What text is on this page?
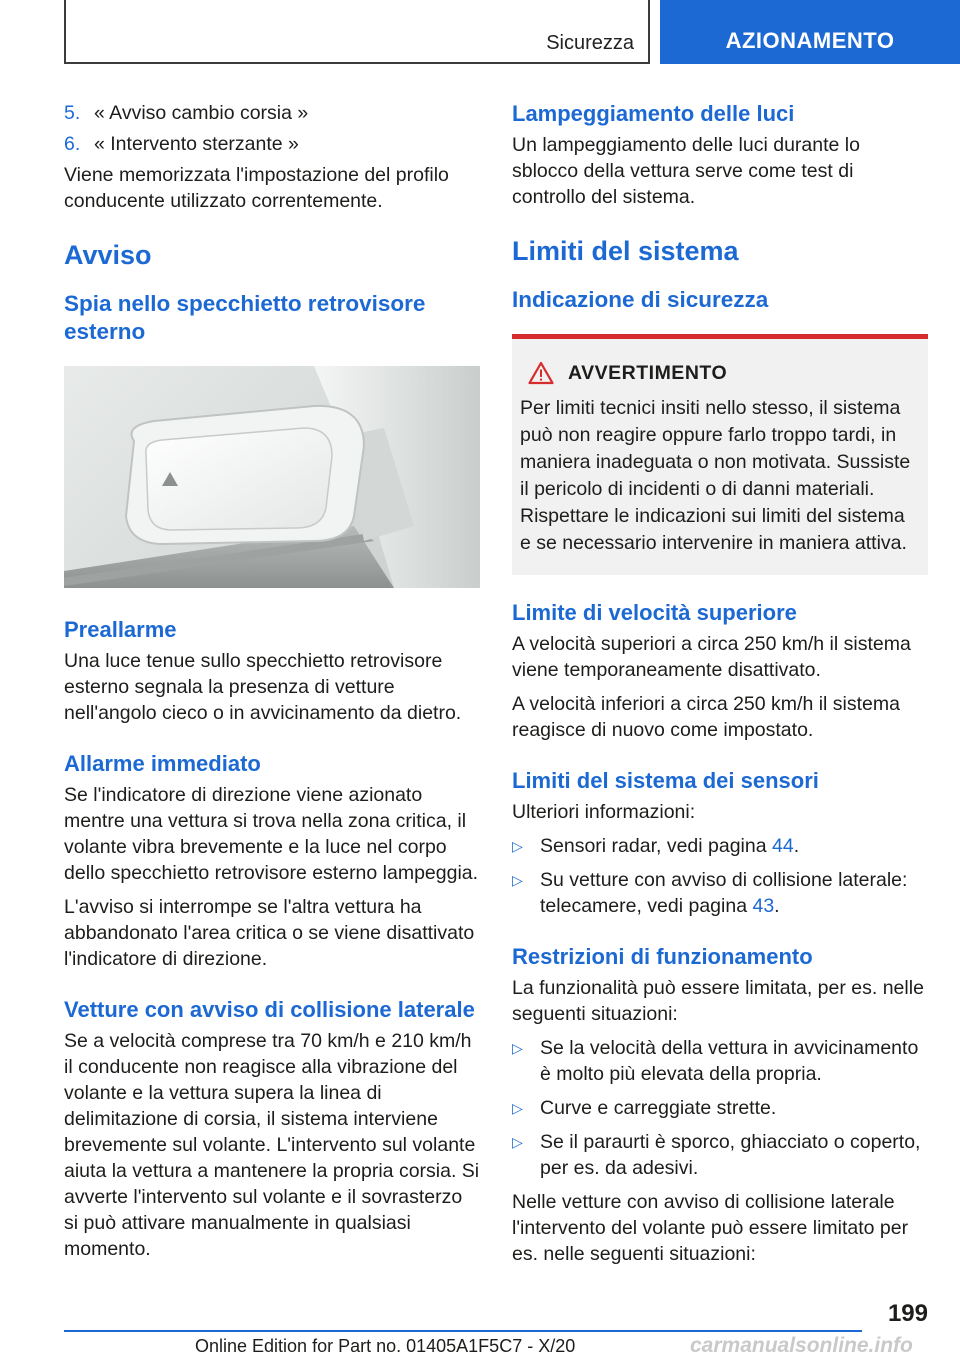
Sicurezza	AZIONAMENTO
5. « Avviso cambio corsia »
6. « Intervento sterzante »

Viene memorizzata l'impostazione del profilo conducente utilizzato correntemente.

Avviso
Spia nello specchietto retrovisore esterno
Preallarme

Una luce tenue sullo specchietto retrovisore esterno segnala la presenza di vetture nell'angolo cieco o in avvicinamento da dietro.

Allarme immediato

Se l'indicatore di direzione viene azionato mentre una vettura si trova nella zona critica, il volante vibra brevemente e la luce nel corpo dello specchietto retrovisore esterno lampeggia.

L'avviso si interrompe se l'altra vettura ha abbandonato l'area critica o se viene disattivato l'indicatore di direzione.

Vetture con avviso di collisione laterale

Se a velocità comprese tra 70 km/h e 210 km/h il conducente non reagisce alla vibrazione del volante e la vettura supera la linea di delimitazione di corsia, il sistema interviene brevemente sul volante. L'intervento sul volante aiuta la vettura a mantenere la propria corsia. Si avverte l'intervento sul volante e il sovrasterzo si può attivare manualmente in qualsiasi momento.

Lampeggiamento delle luci

Un lampeggiamento delle luci durante lo sblocco della vettura serve come test di controllo del sistema.

Limiti del sistema
Indicazione di sicurezza
AVVERTIMENTO

Per limiti tecnici insiti nello stesso, il sistema può non reagire oppure farlo troppo tardi, in maniera inadeguata o non motivata. Sussiste il pericolo di incidenti o di danni materiali. Rispettare le indicazioni sui limiti del sistema e se necessario intervenire in maniera attiva.

Limite di velocità superiore

A velocità superiori a circa 250 km/h il sistema viene temporaneamente disattivato.

A velocità inferiori a circa 250 km/h il sistema reagisce di nuovo come impostato.

Limiti del sistema dei sensori

Ulteriori informazioni:

▷ Sensori radar, vedi pagina 44.
▷ Su vetture con avviso di collisione laterale: telecamere, vedi pagina 43.
Restrizioni di funzionamento

La funzionalità può essere limitata, per es. nelle seguenti situazioni:

▷ Se la velocità della vettura in avvicinamento è molto più elevata della propria.
▷ Curve e carreggiate strette.
▷ Se il paraurti è sporco, ghiacciato o coperto, per es. da adesivi.

Nelle vetture con avviso di collisione laterale l'intervento del volante può essere limitato per es. nelle seguenti situazioni:

199
Online Edition for Part no. 01405A1F5C7 - X/20	carmanualsonline.info
